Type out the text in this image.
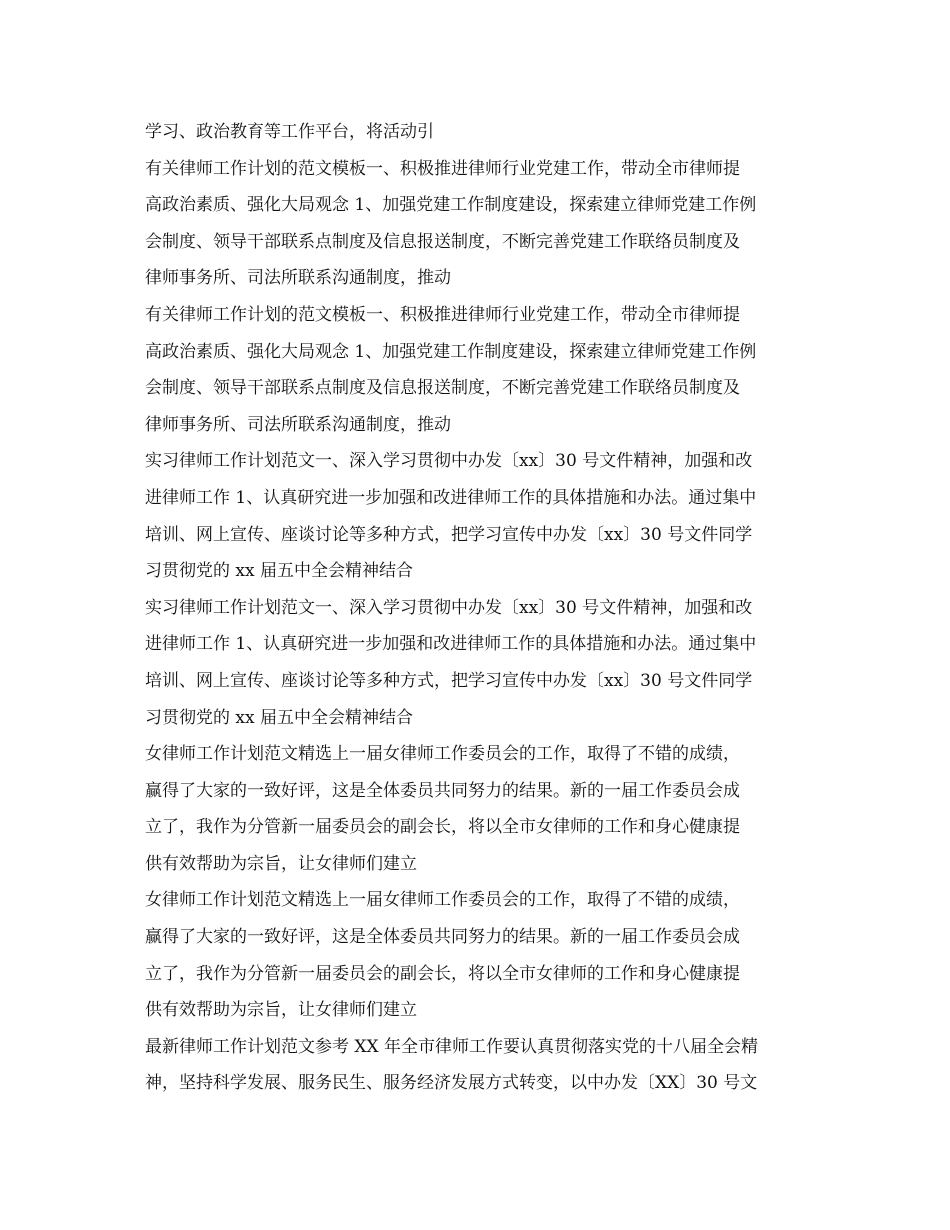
学习、政治教育等工作平台，将活动引
有关律师工作计划的范文模板一、积极推进律师行业党建工作，带动全市律师提
高政治素质、强化大局观念 1、加强党建工作制度建设，探索建立律师党建工作例
会制度、领导干部联系点制度及信息报送制度，不断完善党建工作联络员制度及
律师事务所、司法所联系沟通制度，推动
有关律师工作计划的范文模板一、积极推进律师行业党建工作，带动全市律师提
高政治素质、强化大局观念 1、加强党建工作制度建设，探索建立律师党建工作例
会制度、领导干部联系点制度及信息报送制度，不断完善党建工作联络员制度及
律师事务所、司法所联系沟通制度，推动
实习律师工作计划范文一、深入学习贯彻中办发〔xx〕30 号文件精神，加强和改
进律师工作 1、认真研究进一步加强和改进律师工作的具体措施和办法。通过集中
培训、网上宣传、座谈讨论等多种方式，把学习宣传中办发〔xx〕30 号文件同学
习贯彻党的 xx 届五中全会精神结合
实习律师工作计划范文一、深入学习贯彻中办发〔xx〕30 号文件精神，加强和改
进律师工作 1、认真研究进一步加强和改进律师工作的具体措施和办法。通过集中
培训、网上宣传、座谈讨论等多种方式，把学习宣传中办发〔xx〕30 号文件同学
习贯彻党的 xx 届五中全会精神结合
女律师工作计划范文精选上一届女律师工作委员会的工作，取得了不错的成绩，
赢得了大家的一致好评，这是全体委员共同努力的结果。新的一届工作委员会成
立了，我作为分管新一届委员会的副会长，将以全市女律师的工作和身心健康提
供有效帮助为宗旨，让女律师们建立
女律师工作计划范文精选上一届女律师工作委员会的工作，取得了不错的成绩，
赢得了大家的一致好评，这是全体委员共同努力的结果。新的一届工作委员会成
立了，我作为分管新一届委员会的副会长，将以全市女律师的工作和身心健康提
供有效帮助为宗旨，让女律师们建立
最新律师工作计划范文参考 XX 年全市律师工作要认真贯彻落实党的十八届全会精
神，坚持科学发展、服务民生、服务经济发展方式转变，以中办发〔XX〕30 号文
